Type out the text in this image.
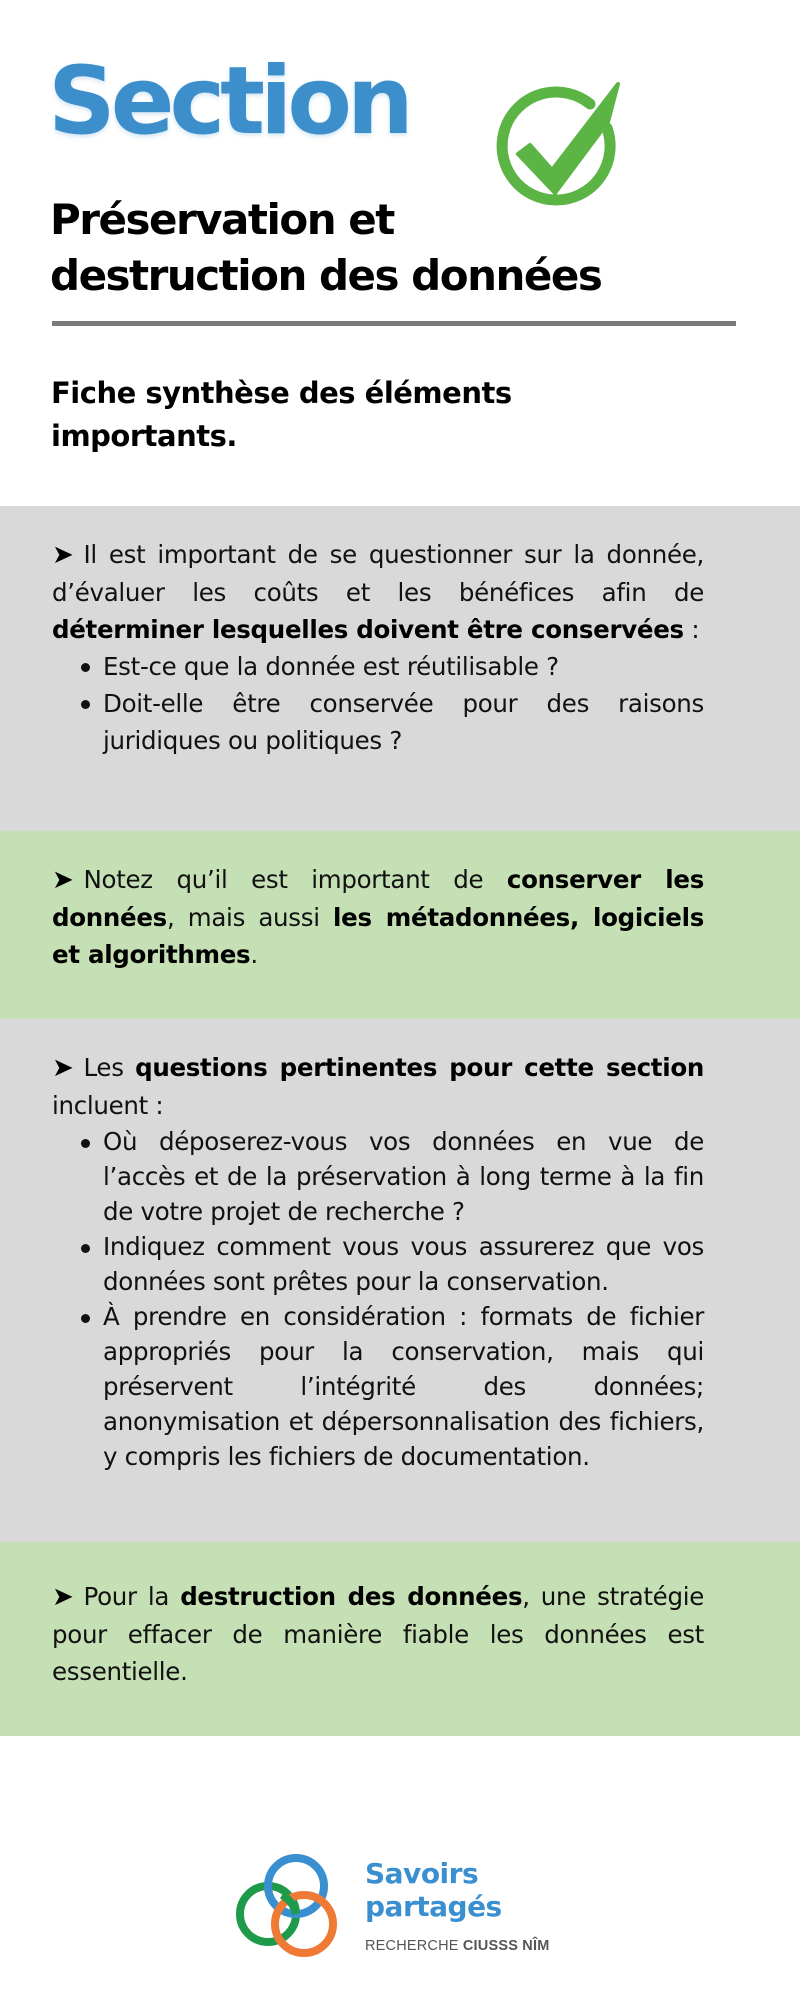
Section
Préservation et
destruction des données
Fiche synthèse des éléments
importants.

➤ Il est important de se questionner sur la donnée, d’évaluer les coûts et les bénéfices afin de déterminer lesquelles doivent être conservées :

Est-ce que la donnée est réutilisable ?
Doit-elle être conservée pour des raisons juridiques ou politiques ?

➤ Notez qu’il est important de conserver les données, mais aussi les métadonnées, logiciels et algorithmes.

➤ Les questions pertinentes pour cette section incluent :

Où déposerez-vous vos données en vue de l’accès et de la préservation à long terme à la fin de votre projet de recherche ?
Indiquez comment vous vous assurerez que vos données sont prêtes pour la conservation.
À prendre en considération : formats de fichier appropriés pour la conservation, mais qui préservent l’intégrité des données; anonymisation et dépersonnalisation des fichiers, y compris les fichiers de documentation.

➤ Pour la destruction des données, une stratégie pour effacer de manière fiable les données est essentielle.

Savoirs
partagés
RECHERCHE CIUSSS NÎM
